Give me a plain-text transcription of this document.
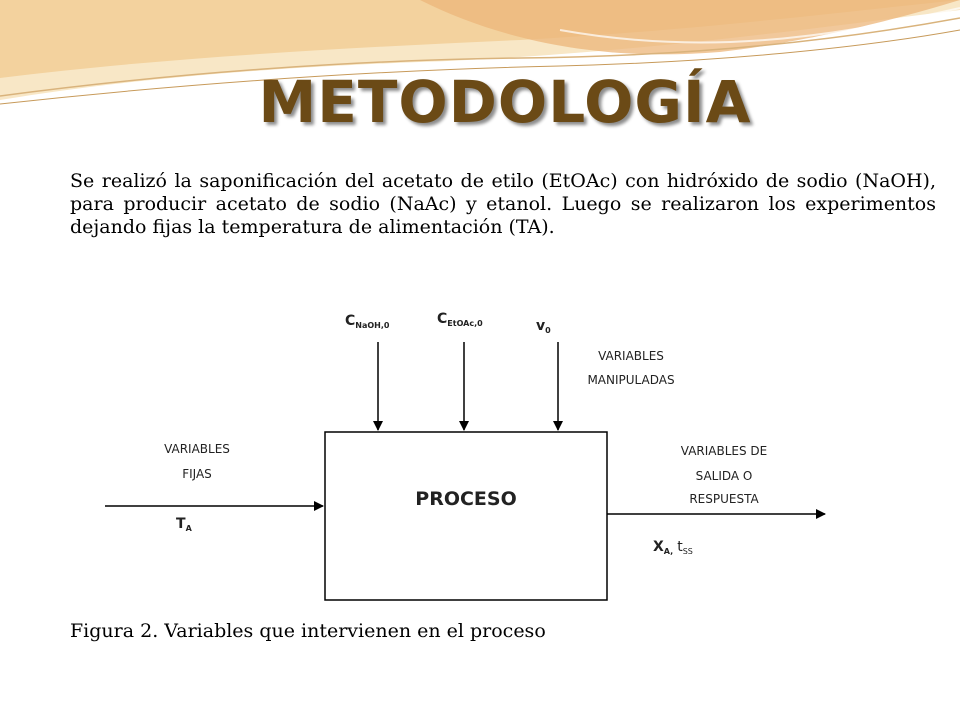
METODOLOGÍA

Se realizó la saponificación del acetato de etilo (EtOAc) con hidróxido de sodio (NaOH), para producir acetato de sodio (NaAc) y etanol. Luego se realizaron los experimentos dejando fijas la temperatura de alimentación (TA).

PROCESO
$C_{NaOH,0}$	$C_{EtOAc,0}$	$v_0$
VARIABLES
MANIPULADAS
VARIABLES
FIJAS
$T_A$
VARIABLES DE
SALIDA O
RESPUESTA
$X_{A,}$ $t_{SS}$
Figura 2. Variables que intervienen en el proceso
